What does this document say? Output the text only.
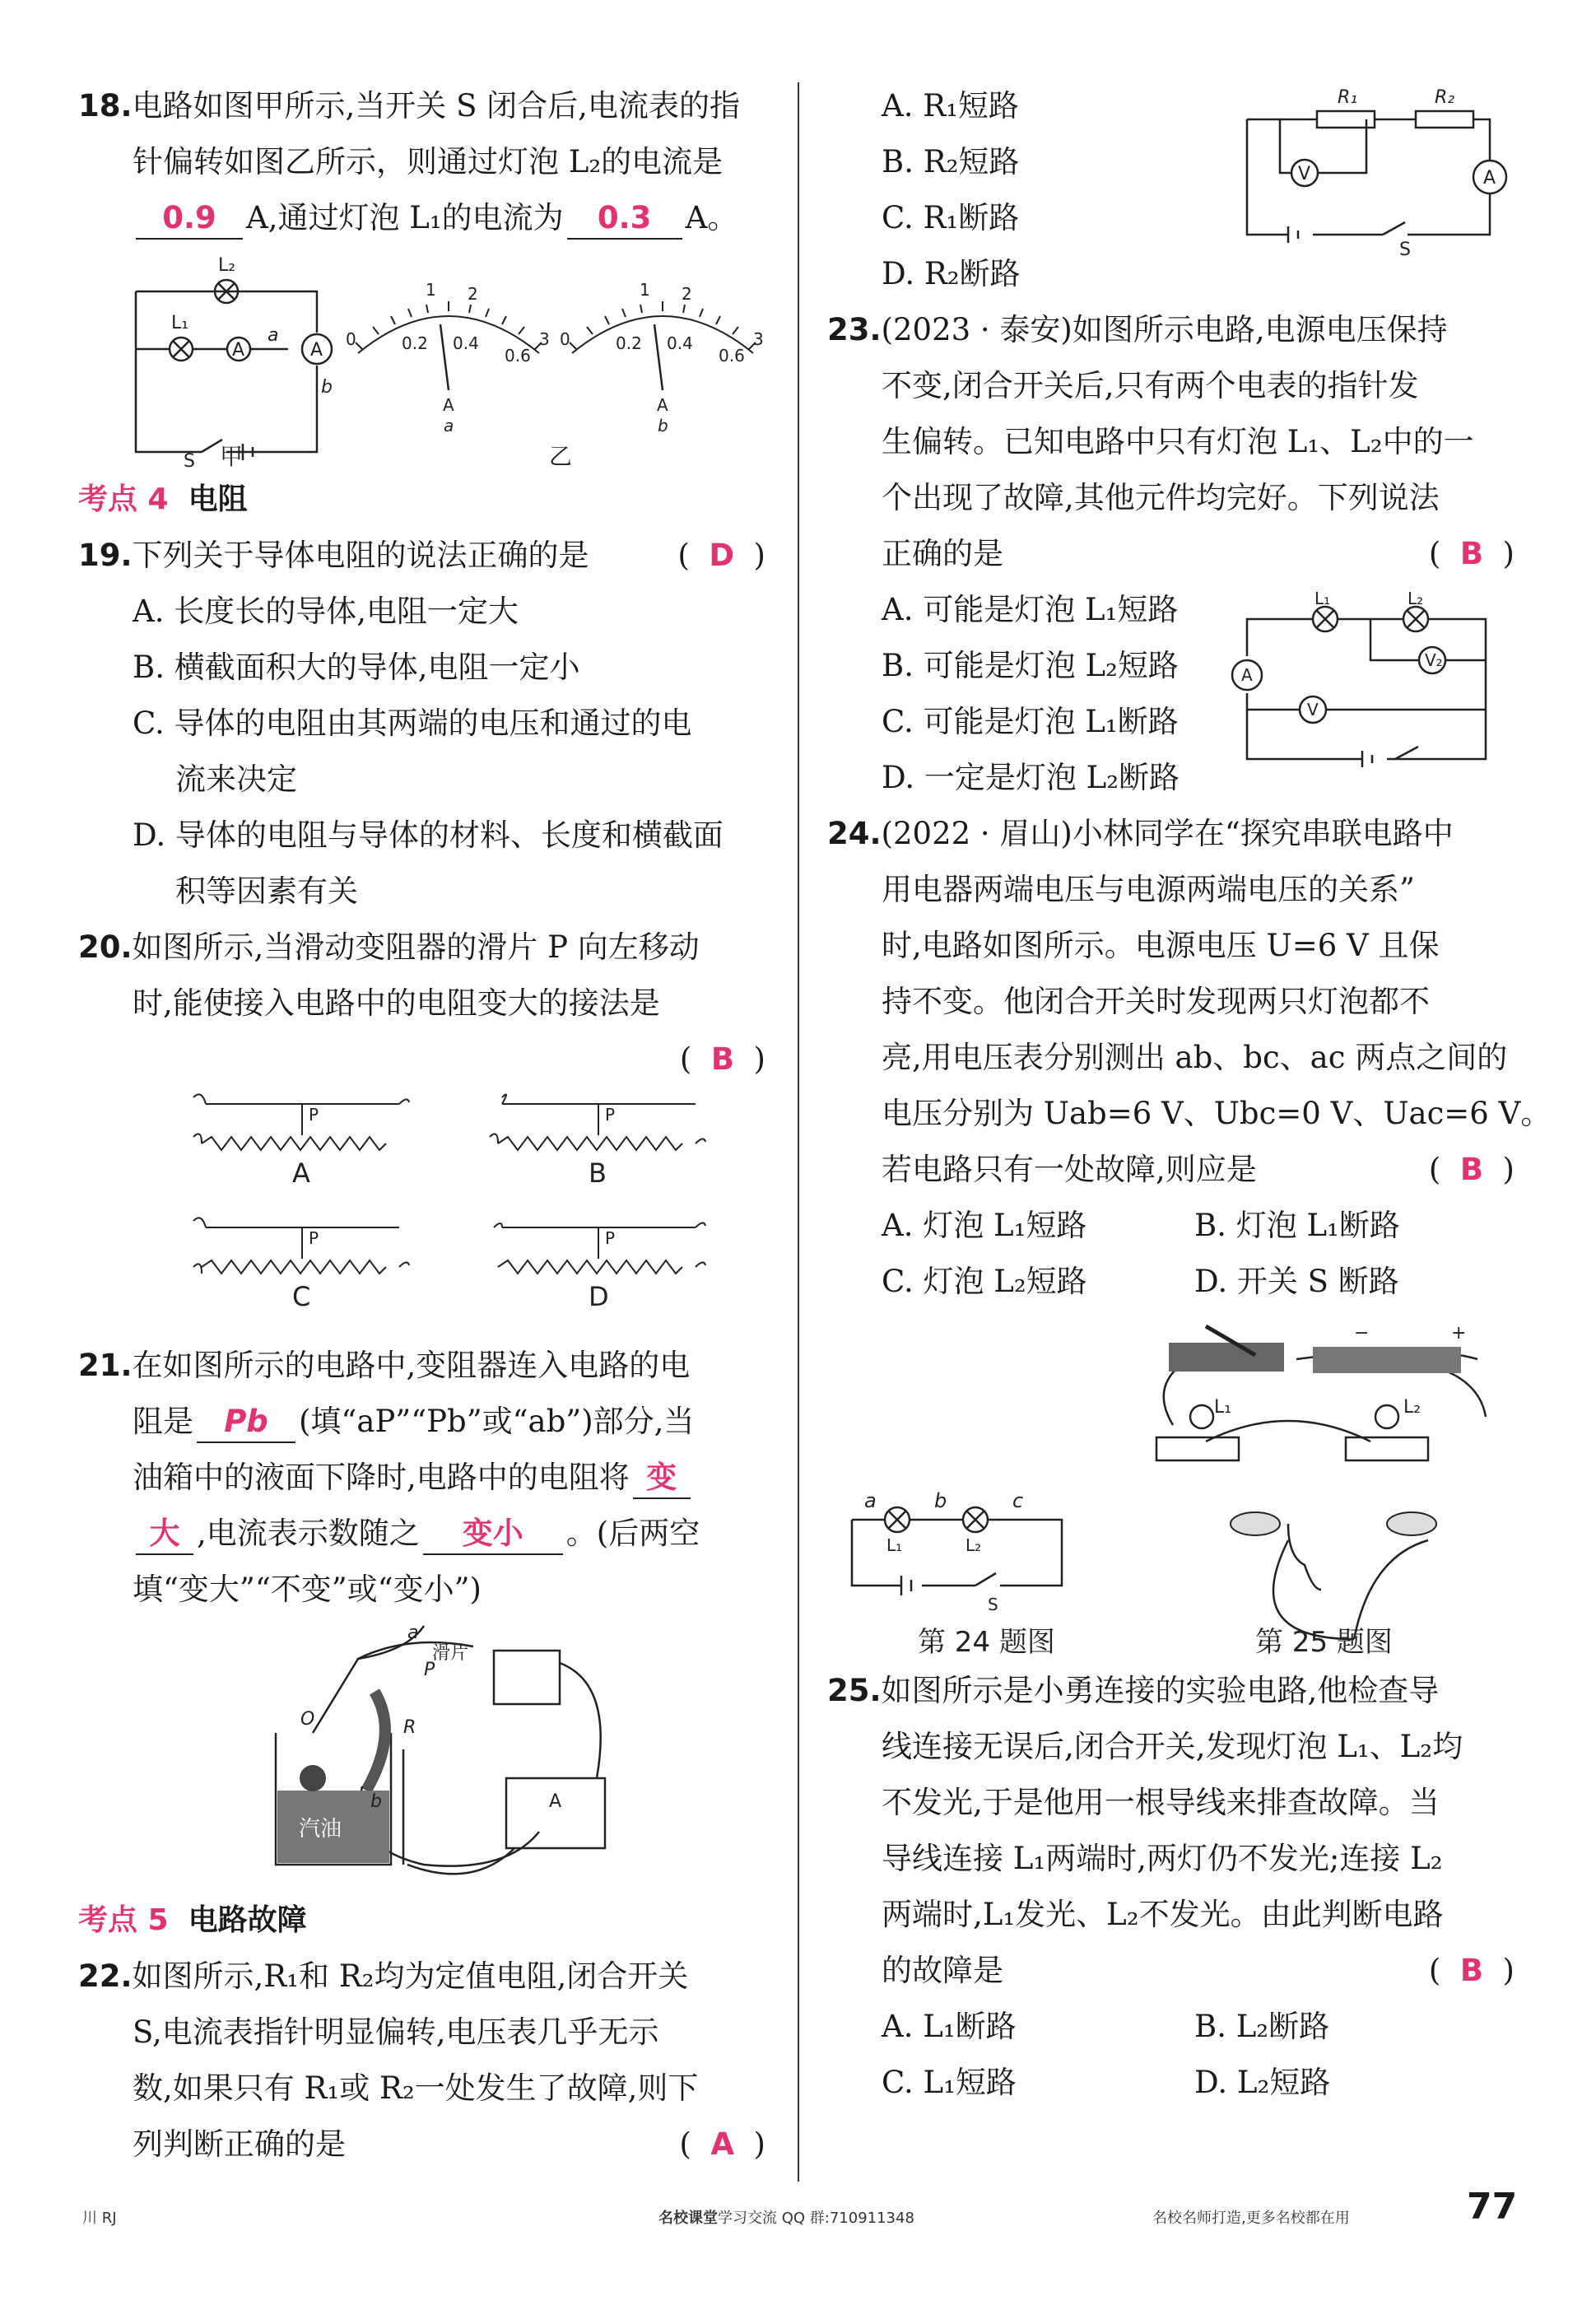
18.电路如图甲所示,当开关 S 闭合后,电流表的指

针偏转如图乙所示，则通过灯泡 L₂的电流是

0.9 A,通过灯泡 L₁的电流为 0.3 A。

L₂
L₁
A
a
A
b
S
0	0.2 0.4
0.6
1 2
3
A
a
0	0.2 0.4
0.6
1 2
3
A
b
甲	乙
考点 4 电阻

19.下列关于导体电阻的说法正确的是	(  D  )

A. 长度长的导体,电阻一定大

B. 横截面积大的导体,电阻一定小

C. 导体的电阻由其两端的电压和通过的电

流来决定

D. 导体的电阻与导体的材料、长度和横截面

积等因素有关

20.如图所示,当滑动变阻器的滑片 P 向左移动

时,能使接入电路中的电阻变大的接法是

(  B  )

P	P
P	P
A	B
C	D

21.在如图所示的电路中,变阻器连入电路的电

阻是 Pb (填“aP”“Pb”或“ab”)部分,当

油箱中的液面下降时,电路中的电阻将 变

大 ,电流表示数随之 变小 。(后两空

填“变大”“不变”或“变小”)

汽油
滑片
P
O	R
a
b	A
考点 5 电路故障

22.如图所示,R₁和 R₂均为定值电阻,闭合开关

S,电流表指针明显偏转,电压表几乎无示

数,如果只有 R₁或 R₂一处发生了故障,则下

列判断正确的是	(  A  )

A. R₁短路

B. R₂短路

C. R₁断路

D. R₂断路

R₁	R₂
V	A
S

23.(2023 · 泰安)如图所示电路,电源电压保持

不变,闭合开关后,只有两个电表的指针发

生偏转。已知电路中只有灯泡 L₁、L₂中的一

个出现了故障,其他元件均完好。下列说法

正确的是	(  B  )

A. 可能是灯泡 L₁短路

B. 可能是灯泡 L₂短路

C. 可能是灯泡 L₁断路

D. 一定是灯泡 L₂断路

L₁	L₂
A
V
V₂

24.(2022 · 眉山)小林同学在“探究串联电路中

用电器两端电压与电源两端电压的关系”

时,电路如图所示。电源电压 U=6 V 且保

持不变。他闭合开关时发现两只灯泡都不

亮,用电压表分别测出 ab、bc、ac 两点之间的

电压分别为 Uab=6 V、Ubc=0 V、Uac=6 V。

若电路只有一处故障,则应是	(  B  )

A. 灯泡 L₁短路	B. 灯泡 L₁断路

C. 灯泡 L₂短路	D. 开关 S 断路

a	b	c
L₁	L₂
S
L₁	L₂
−	+
第 24 题图	第 25 题图

25.如图所示是小勇连接的实验电路,他检查导

线连接无误后,闭合开关,发现灯泡 L₁、L₂均

不发光,于是他用一根导线来排查故障。当

导线连接 L₁两端时,两灯仍不发光;连接 L₂

两端时,L₁发光、L₂不发光。由此判断电路

的故障是	(  B  )

A. L₁断路	B. L₂断路

C. L₁短路	D. L₂短路

川 RJ	名校课堂学习交流 QQ 群:710911348	名校名师打造,更多名校都在用	77
